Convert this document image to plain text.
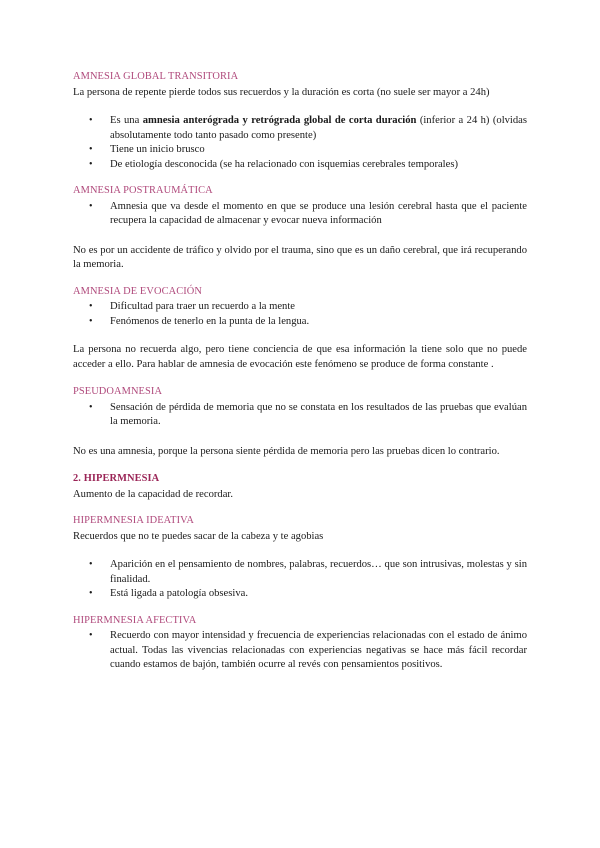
AMNESIA GLOBAL TRANSITORIA

La persona de repente pierde todos sus recuerdos y la duración es corta (no suele ser mayor a 24h)

• Es una amnesia anterógrada y retrógrada global de corta duración (inferior a 24 h) (olvidas absolutamente todo tanto pasado como presente)
• Tiene un inicio brusco
• De etiología desconocida (se ha relacionado con isquemias cerebrales temporales)
AMNESIA POSTRAUMÁTICA
• Amnesia que va desde el momento en que se produce una lesión cerebral hasta que el paciente recupera la capacidad de almacenar y evocar nueva información

No es por un accidente de tráfico y olvido por el trauma, sino que es un daño cerebral, que irá recuperando la memoria.

AMNESIA DE EVOCACIÓN
• Dificultad para traer un recuerdo a la mente
• Fenómenos de tenerlo en la punta de la lengua.

La persona no recuerda algo, pero tiene conciencia de que esa información la tiene solo que no puede acceder a ello. Para hablar de amnesia de evocación este fenómeno se produce de forma constante .

PSEUDOAMNESIA
• Sensación de pérdida de memoria que no se constata en los resultados de las pruebas que evalúan la memoria.

No es una amnesia, porque la persona siente pérdida de memoria pero las pruebas dicen lo contrario.

2. HIPERMNESIA

Aumento de la capacidad de recordar.

HIPERMNESIA IDEATIVA

Recuerdos que no te puedes sacar de la cabeza y te agobias

• Aparición en el pensamiento de nombres, palabras, recuerdos… que son intrusivas, molestas y sin finalidad.
• Está ligada a patología obsesiva.
HIPERMNESIA AFECTIVA
• Recuerdo con mayor intensidad y frecuencia de experiencias relacionadas con el estado de ánimo actual. Todas las vivencias relacionadas con experiencias negativas se hace más fácil recordar cuando estamos de bajón, también ocurre al revés con pensamientos positivos.
